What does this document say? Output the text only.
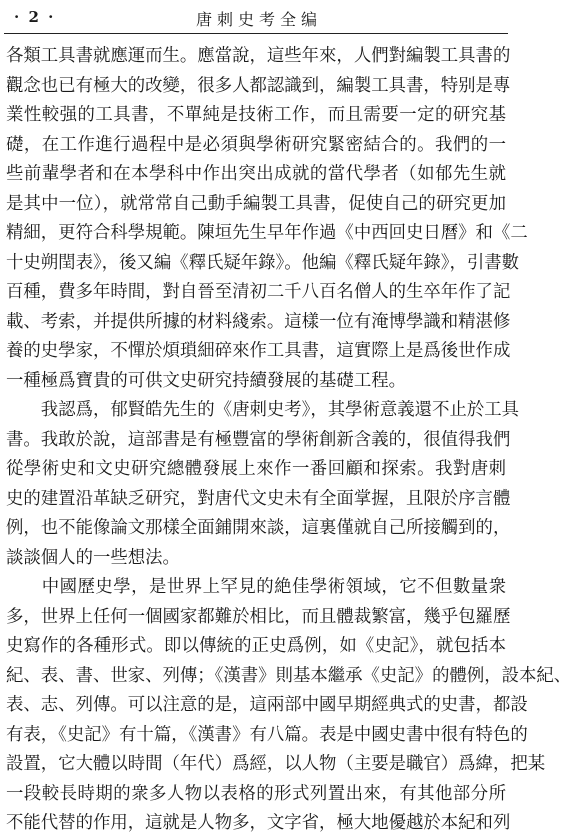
· 2 ·	唐刺史考全编
各類工具書就應運而生。應當說，這些年來，人們對編製工具書的
觀念也已有極大的改變，很多人都認識到，編製工具書，特别是專
業性較强的工具書，不單純是技術工作，而且需要一定的研究基
礎，在工作進行過程中是必須與學術研究緊密結合的。我們的一
些前輩學者和在本學科中作出突出成就的當代學者（如郁先生就
是其中一位），就常常自己動手編製工具書，促使自己的研究更加
精細，更符合科學規範。陳垣先生早年作過《中西回史日曆》和《二
十史朔閏表》，後又編《釋氏疑年錄》。他編《釋氏疑年錄》，引書數
百種，費多年時間，對自晉至清初二千八百名僧人的生卒年作了記
載、考索，并提供所據的材料綫索。這樣一位有淹博學識和精湛修
養的史學家，不憚於煩瑣細碎來作工具書，這實際上是爲後世作成
一種極爲寶貴的可供文史研究持續發展的基礎工程。
　　我認爲，郁賢皓先生的《唐刺史考》，其學術意義還不止於工具
書。我敢於說，這部書是有極豐富的學術創新含義的，很值得我們
從學術史和文史研究總體發展上來作一番回顧和探索。我對唐刺
史的建置沿革缺乏研究，對唐代文史未有全面掌握，且限於序言體
例，也不能像論文那樣全面鋪開來談，這裏僅就自己所接觸到的，
談談個人的一些想法。
　　中國歷史學，是世界上罕見的絶佳學術領域，它不但數量衆
多，世界上任何一個國家都難於相比，而且體裁繁富，幾乎包羅歷
史寫作的各種形式。即以傳統的正史爲例，如《史記》，就包括本
紀、表、書、世家、列傳；《漢書》則基本繼承《史記》的體例，設本紀、
表、志、列傳。可以注意的是，這兩部中國早期經典式的史書，都設
有表，《史記》有十篇，《漢書》有八篇。表是中國史書中很有特色的
設置，它大體以時間（年代）爲經，以人物（主要是職官）爲緯，把某
一段較長時期的衆多人物以表格的形式列置出來，有其他部分所
不能代替的作用，這就是人物多，文字省，極大地優越於本紀和列
